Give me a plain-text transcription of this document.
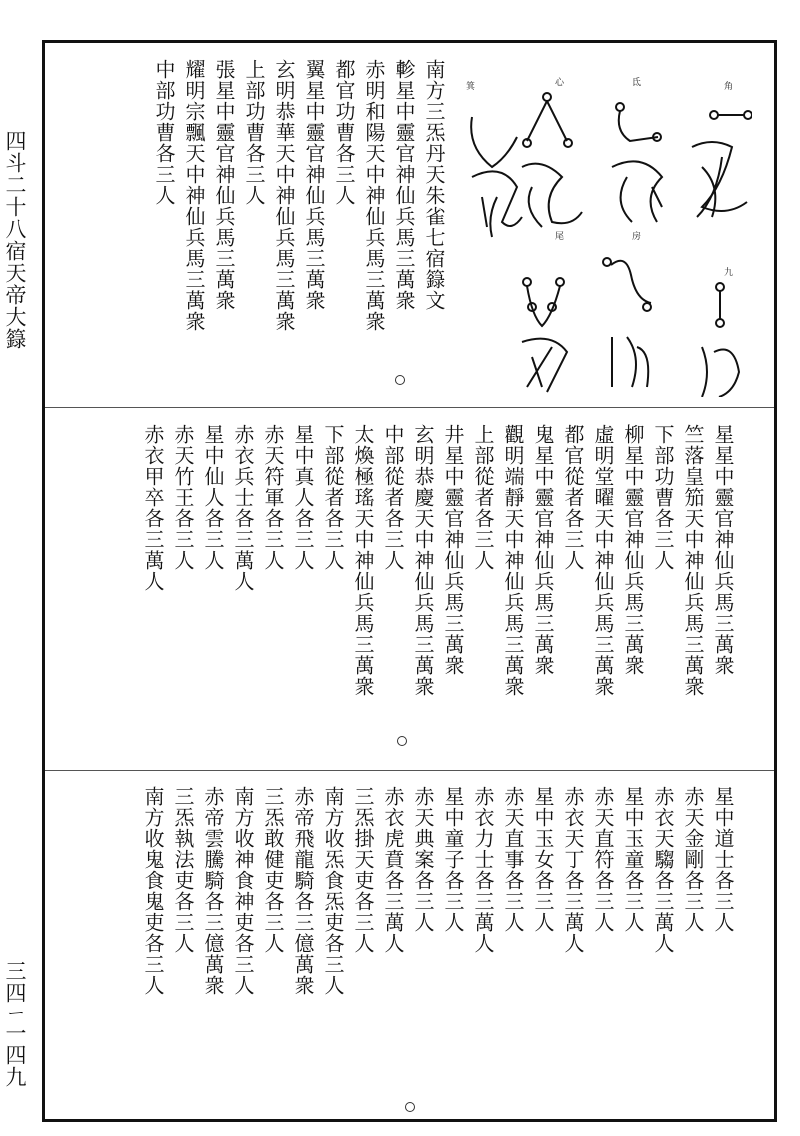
四斗二十八宿天帝大籙
三四ㄧ一四九
角
九
氐
房
心
尾
箕
南方三炁丹天朱雀七宿籙文
軫星中靈官神仙兵馬三萬衆
赤明和陽天中神仙兵馬三萬衆
都官功曹各三人
翼星中靈官神仙兵馬三萬衆
玄明恭華天中神仙兵馬三萬衆
上部功曹各三人
張星中靈官神仙兵馬三萬衆
耀明宗飄天中神仙兵馬三萬衆
中部功曹各三人
星星中靈官神仙兵馬三萬衆
竺落皇笳天中神仙兵馬三萬衆
下部功曹各三人
柳星中靈官神仙兵馬三萬衆
虛明堂曜天中神仙兵馬三萬衆
都官從者各三人
鬼星中靈官神仙兵馬三萬衆
觀明端靜天中神仙兵馬三萬衆
上部從者各三人
井星中靈官神仙兵馬三萬衆
玄明恭慶天中神仙兵馬三萬衆
中部從者各三人
太煥極瑤天中神仙兵馬三萬衆
下部從者各三人
星中真人各三人
赤天符軍各三人
赤衣兵士各三萬人
星中仙人各三人
赤天竹王各三人
赤衣甲卒各三萬人
星中道士各三人
赤天金剛各三人
赤衣天騶各三萬人
星中玉童各三人
赤天直符各三人
赤衣天丁各三萬人
星中玉女各三人
赤天直事各三人
赤衣力士各三萬人
星中童子各三人
赤天典案各三人
赤衣虎賁各三萬人
三炁掛天吏各三人
南方收炁食炁吏各三人
赤帝飛龍騎各三億萬衆
三炁敢健吏各三人
南方收神食神吏各三人
赤帝雲騰騎各三億萬衆
三炁執法吏各三人
南方收鬼食鬼吏各三人
